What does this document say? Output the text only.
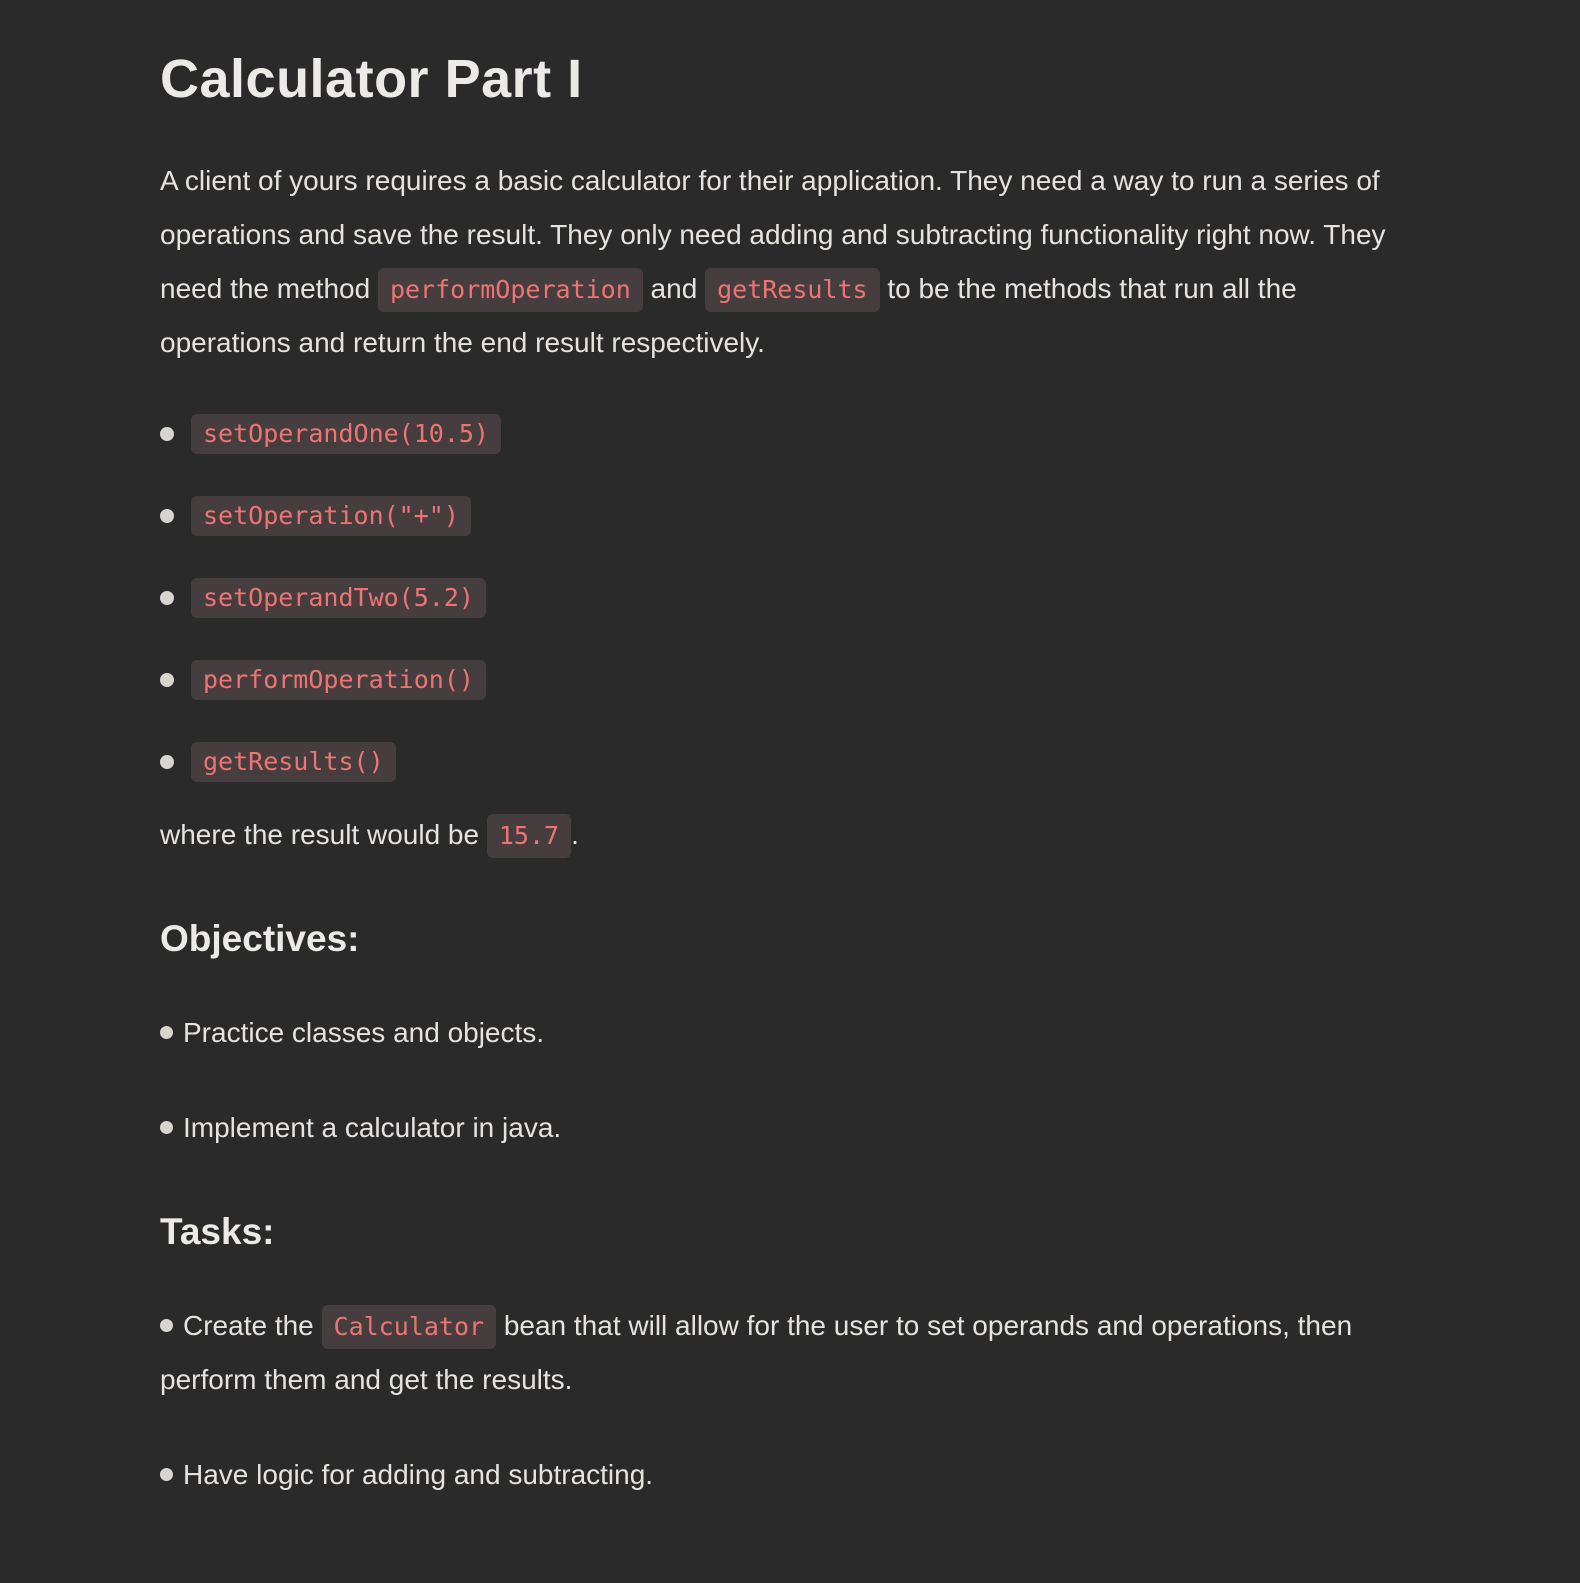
Calculator Part I

A client of yours requires a basic calculator for their application. They need a way to run a series of operations and save the result. They only need adding and subtracting functionality right now. They need the method performOperation and getResults to be the methods that run all the operations and return the end result respectively.

setOperandOne(10.5)
setOperation("+")
setOperandTwo(5.2)
performOperation()
getResults()

where the result would be 15.7 .

Objectives:

Practice classes and objects.

Implement a calculator in java.

Tasks:

Create the Calculator bean that will allow for the user to set operands and operations, then perform them and get the results.

Have logic for adding and subtracting.
